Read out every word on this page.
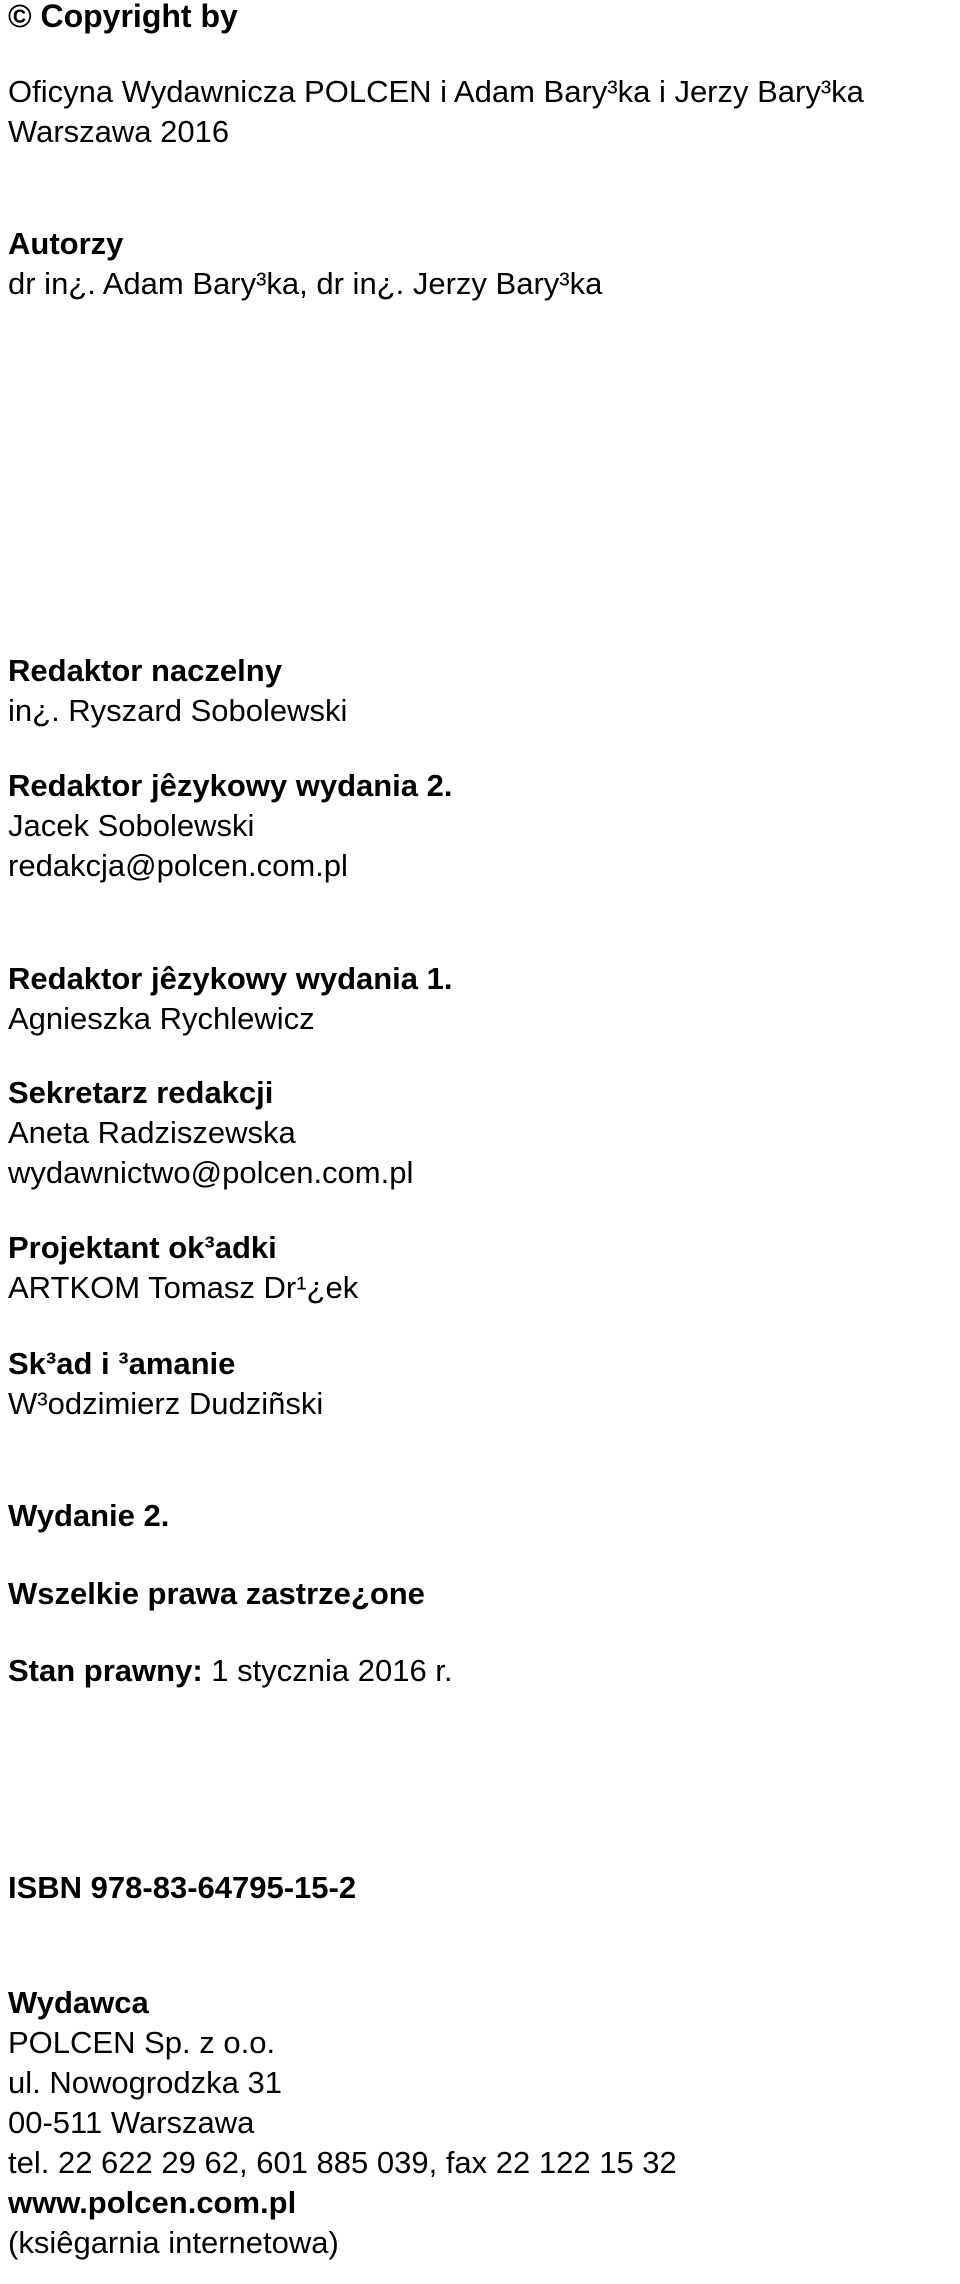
© Copyright by
Oficyna Wydawnicza POLCEN i Adam Bary³ka i Jerzy Bary³ka
Warszawa 2016
Autorzy
dr in¿. Adam Bary³ka, dr in¿. Jerzy Bary³ka
Redaktor naczelny
in¿. Ryszard Sobolewski
Redaktor jêzykowy wydania 2.
Jacek Sobolewski
redakcja@polcen.com.pl
Redaktor jêzykowy wydania 1.
Agnieszka Rychlewicz
Sekretarz redakcji
Aneta Radziszewska
wydawnictwo@polcen.com.pl
Projektant ok³adki
ARTKOM Tomasz Dr¹¿ek
Sk³ad i ³amanie
W³odzimierz Dudziñski
Wydanie 2.
Wszelkie prawa zastrze¿one
Stan prawny: 1 stycznia 2016 r.
ISBN 978-83-64795-15-2
Wydawca
POLCEN Sp. z o.o.
ul. Nowogrodzka 31
00-511 Warszawa
tel. 22 622 29 62, 601 885 039, fax 22 122 15 32
www.polcen.com.pl
(ksiêgarnia internetowa)
